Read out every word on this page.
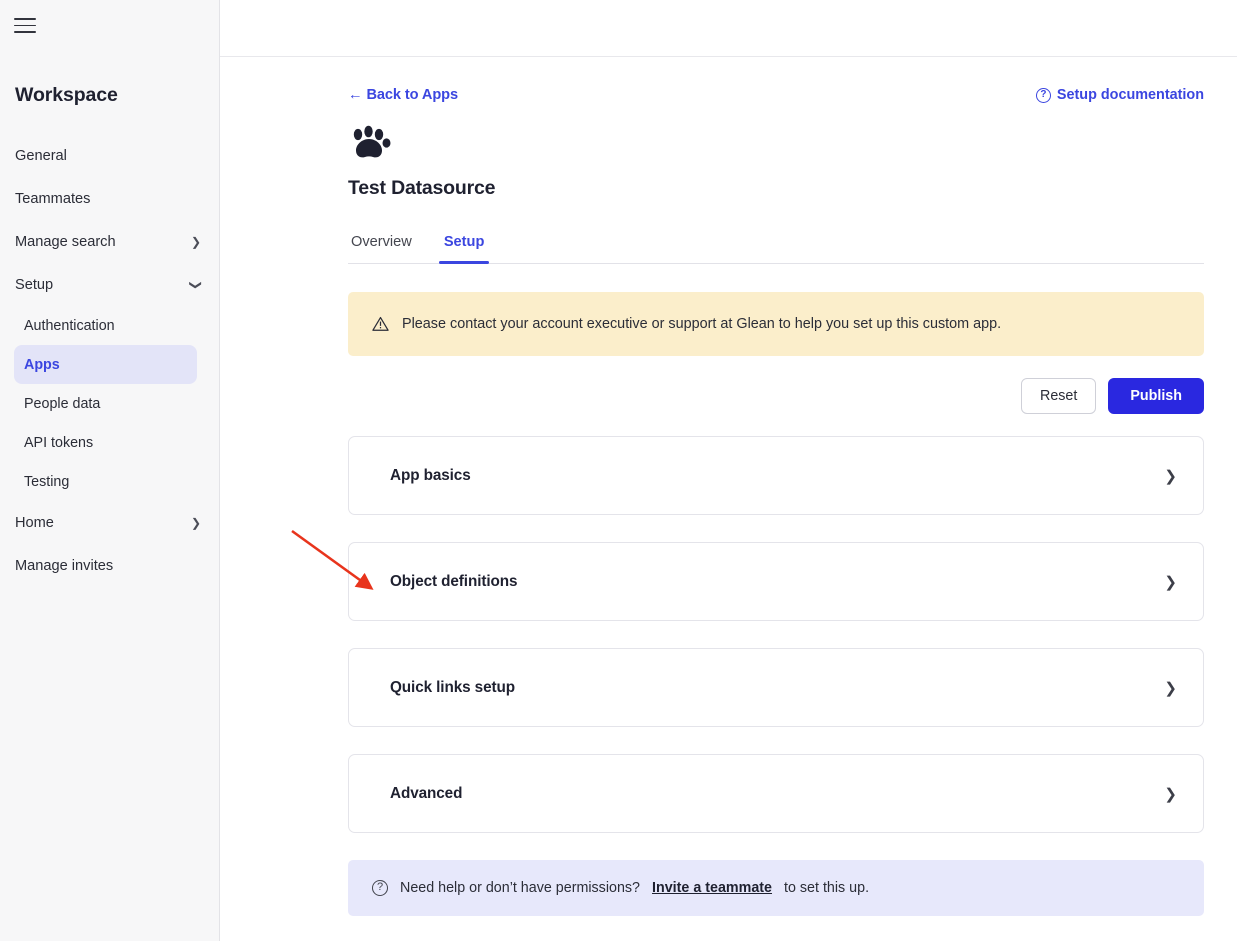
Workspace
General
Teammates
Manage search	❯
Setup	❯
Authentication
Apps
People data
API tokens
Testing
Home	❯
Manage invites
← Back to Apps	? Setup documentation
Test Datasource
Overview Setup
Please contact your account executive or support at Glean to help you set up this custom app.
Reset	Publish
App basics	❯
Object definitions	❯
Quick links setup	❯
Advanced	❯
?	Need help or don’t have permissions? Invite a teammate to set this up.
